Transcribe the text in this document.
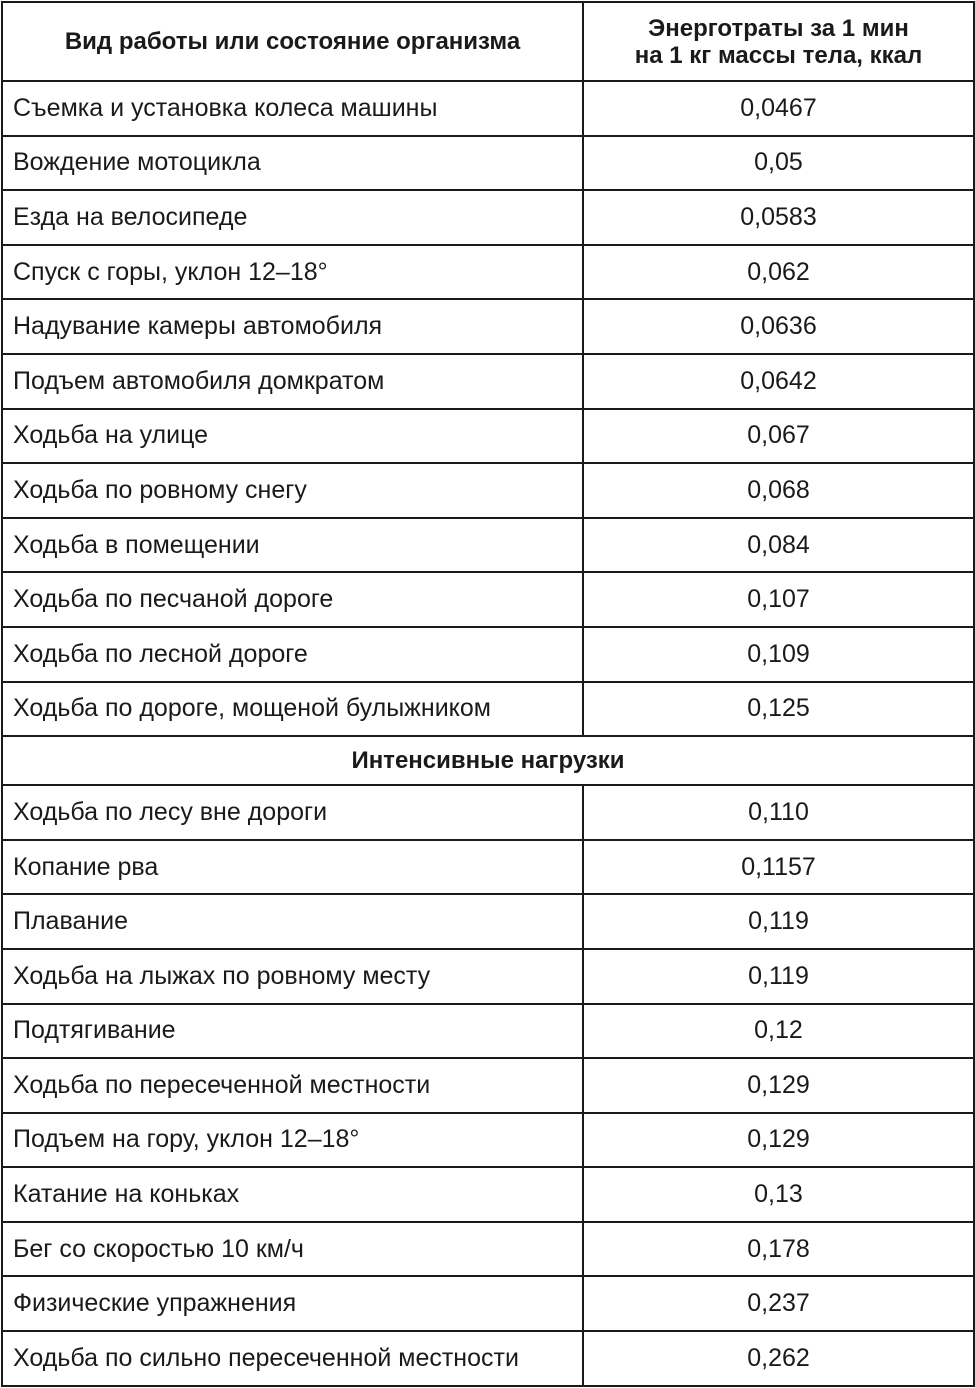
Вид работы или состояние организма	Энерготраты за 1 мин
на 1 кг массы тела, ккал
Съемка и установка колеса машины	0,0467
Вождение мотоцикла	0,05
Езда на велосипеде	0,0583
Спуск с горы, уклон 12–18°	0,062
Надувание камеры автомобиля	0,0636
Подъем автомобиля домкратом	0,0642
Ходьба на улице	0,067
Ходьба по ровному снегу	0,068
Ходьба в помещении	0,084
Ходьба по песчаной дороге	0,107
Ходьба по лесной дороге	0,109
Ходьба по дороге, мощеной булыжником	0,125
Интенсивные нагрузки	
Ходьба по лесу вне дороги	0,110
Копание рва	0,1157
Плавание	0,119
Ходьба на лыжах по ровному месту	0,119
Подтягивание	0,12
Ходьба по пересеченной местности	0,129
Подъем на гору, уклон 12–18°	0,129
Катание на коньках	0,13
Бег со скоростью 10 км/ч	0,178
Физические упражнения	0,237
Ходьба по сильно пересеченной местности	0,262
